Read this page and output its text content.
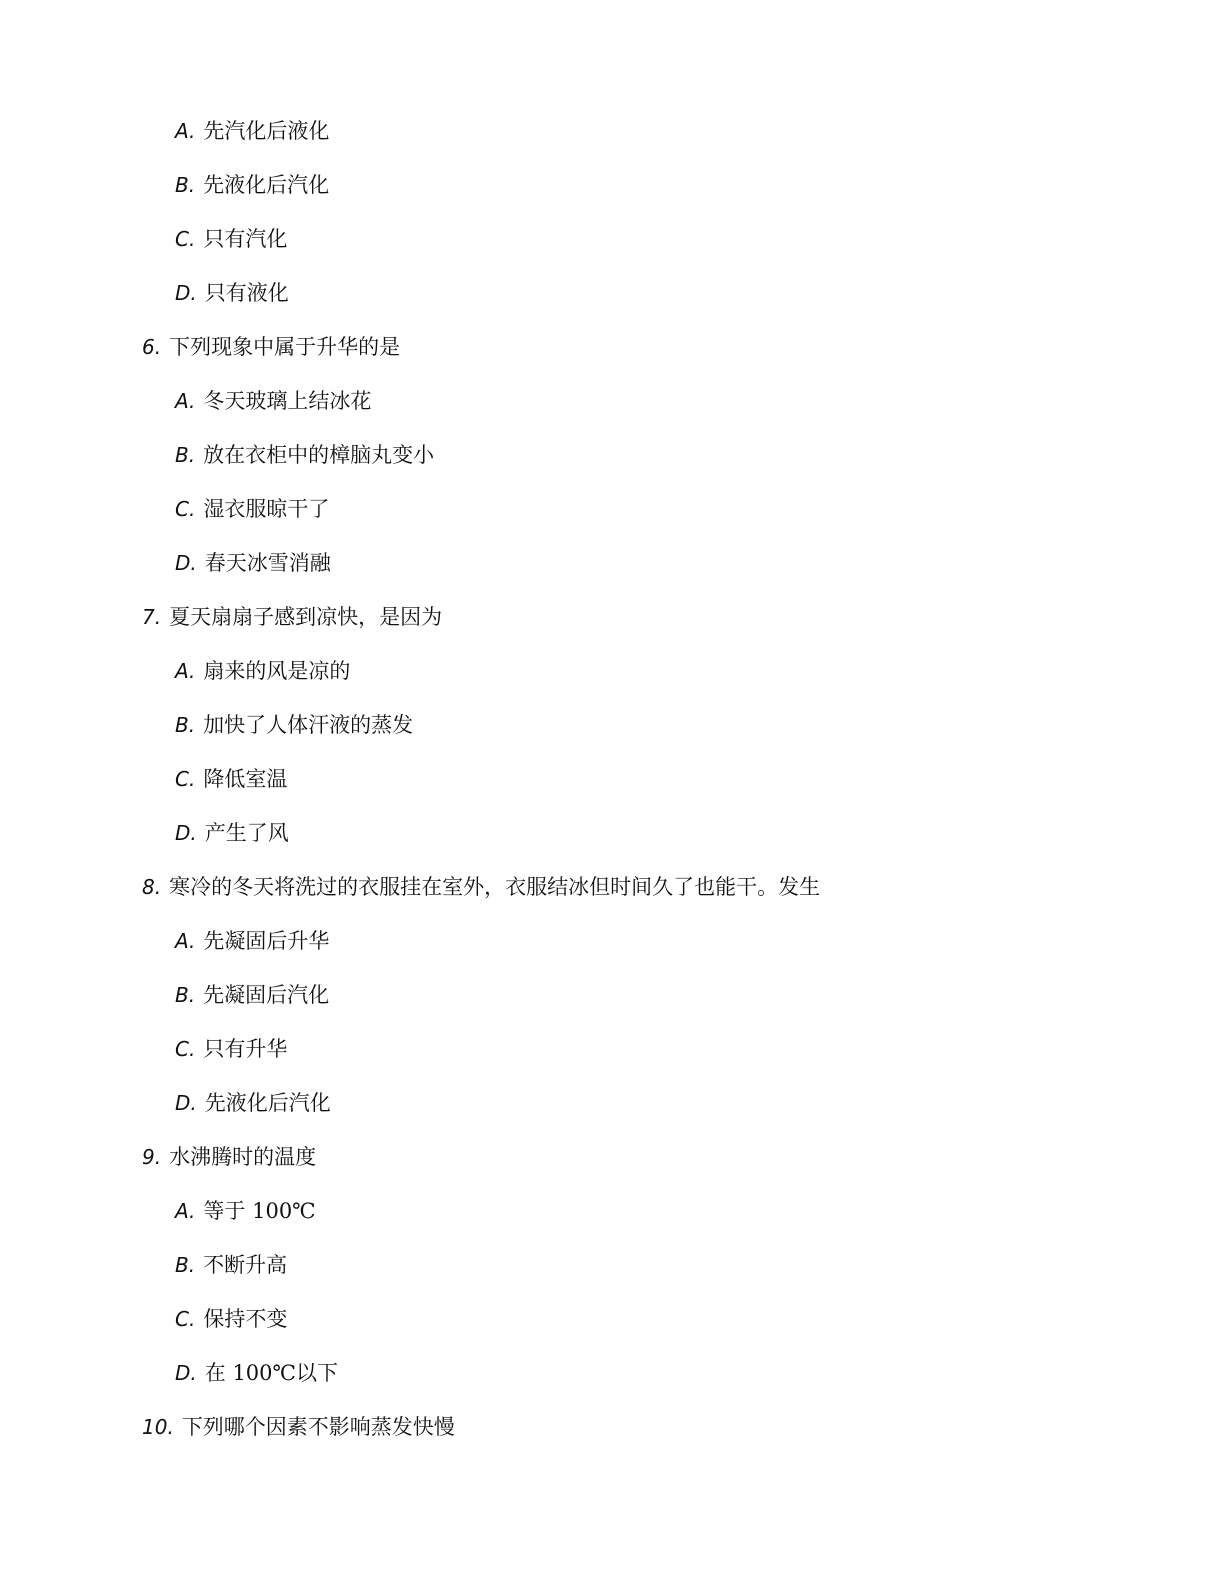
A. 先汽化后液化
B. 先液化后汽化
C. 只有汽化
D. 只有液化
6. 下列现象中属于升华的是
A. 冬天玻璃上结冰花
B. 放在衣柜中的樟脑丸变小
C. 湿衣服晾干了
D. 春天冰雪消融
7. 夏天扇扇子感到凉快，是因为
A. 扇来的风是凉的
B. 加快了人体汗液的蒸发
C. 降低室温
D. 产生了风
8. 寒冷的冬天将洗过的衣服挂在室外，衣服结冰但时间久了也能干。发生
A. 先凝固后升华
B. 先凝固后汽化
C. 只有升华
D. 先液化后汽化
9. 水沸腾时的温度
A. 等于 100℃
B. 不断升高
C. 保持不变
D. 在 100℃以下
10. 下列哪个因素不影响蒸发快慢
